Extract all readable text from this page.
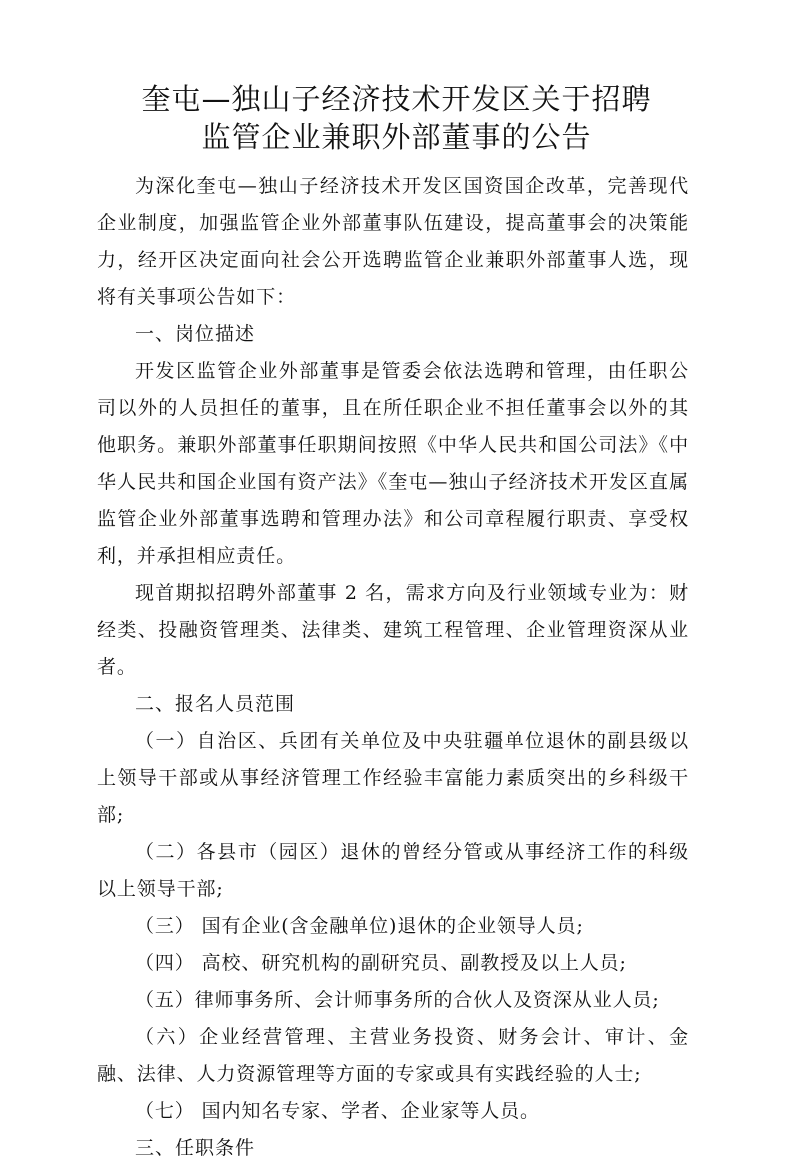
奎屯—独山子经济技术开发区关于招聘
监管企业兼职外部董事的公告

为深化奎屯—独山子经济技术开发区国资国企改革，完善现代企业制度，加强监管企业外部董事队伍建设，提高董事会的决策能力，经开区决定面向社会公开选聘监管企业兼职外部董事人选，现将有关事项公告如下：

一、岗位描述

开发区监管企业外部董事是管委会依法选聘和管理，由任职公司以外的人员担任的董事，且在所任职企业不担任董事会以外的其他职务。兼职外部董事任职期间按照《中华人民共和国公司法》《中华人民共和国企业国有资产法》《奎屯—独山子经济技术开发区直属监管企业外部董事选聘和管理办法》和公司章程履行职责、享受权利，并承担相应责任。

现首期拟招聘外部董事 2 名，需求方向及行业领域专业为：财经类、投融资管理类、法律类、建筑工程管理、企业管理资深从业者。

二、报名人员范围

（一）自治区、兵团有关单位及中央驻疆单位退休的副县级以上领导干部或从事经济管理工作经验丰富能力素质突出的乡科级干部;

（二）各县市（园区）退休的曾经分管或从事经济工作的科级以上领导干部;

（三） 国有企业(含金融单位)退休的企业领导人员;

（四） 高校、研究机构的副研究员、副教授及以上人员;

（五）律师事务所、会计师事务所的合伙人及资深从业人员;

（六）企业经营管理、主营业务投资、财务会计、审计、金融、法律、人力资源管理等方面的专家或具有实践经验的人士;

（七） 国内知名专家、学者、企业家等人员。

三、任职条件
